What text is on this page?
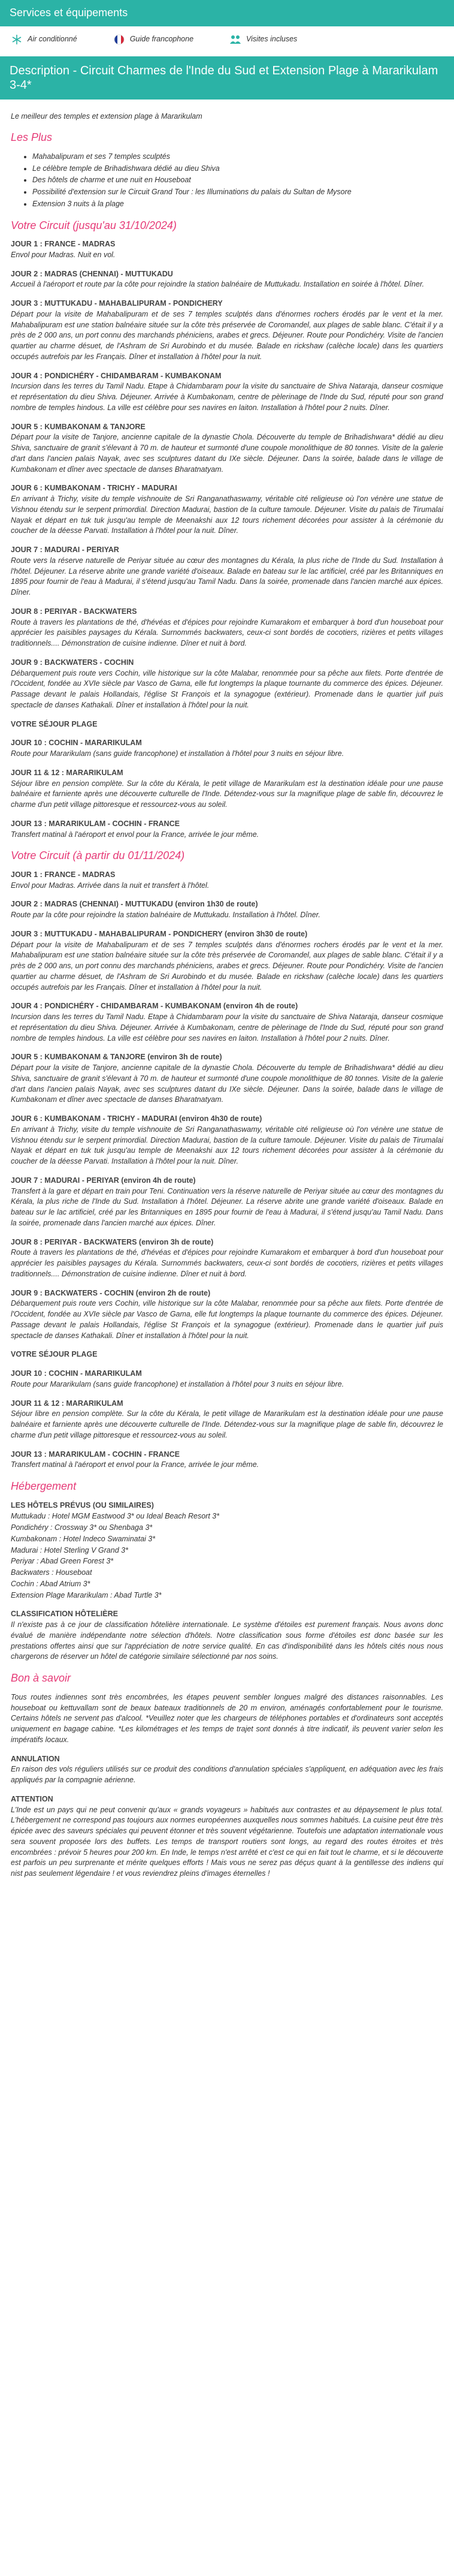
Services et équipements
Air conditionné	Guide francophone	Visites incluses
Description - Circuit Charmes de l'Inde du Sud et Extension Plage à Mararikulam 3-4*

Le meilleur des temples et extension plage à Mararikulam

Les Plus
• Mahabalipuram et ses 7 temples sculptés
• Le célèbre temple de Brihadishwara dédié au dieu Shiva
• Des hôtels de charme et une nuit en Houseboat
• Possibilité d'extension sur le Circuit Grand Tour : les Illuminations du palais du Sultan de Mysore
• Extension 3 nuits à la plage
Votre Circuit (jusqu'au 31/10/2024)
JOUR 1 : FRANCE - MADRAS
Envol pour Madras. Nuit en vol.
JOUR 2 : MADRAS (CHENNAI) - MUTTUKADU
Accueil à l'aéroport et route par la côte pour rejoindre la station balnéaire de Muttukadu. Installation en soirée à l'hôtel. Dîner.
JOUR 3 : MUTTUKADU - MAHABALIPURAM - PONDICHERY
Départ pour la visite de Mahabalipuram et de ses 7 temples sculptés dans d'énormes rochers érodés par le vent et la mer. Mahabalipuram est une station balnéaire située sur la côte très préservée de Coromandel, aux plages de sable blanc. C'était il y a près de 2 000 ans, un port connu des marchands phéniciens, arabes et grecs. Déjeuner. Route pour Pondichéry. Visite de l'ancien quartier au charme désuet, de l'Ashram de Sri Aurobindo et du musée. Balade en rickshaw (calèche locale) dans les quartiers occupés autrefois par les Français. Dîner et installation à l'hôtel pour la nuit.
JOUR 4 : PONDICHÉRY - CHIDAMBARAM - KUMBAKONAM
Incursion dans les terres du Tamil Nadu. Etape à Chidambaram pour la visite du sanctuaire de Shiva Nataraja, danseur cosmique et représentation du dieu Shiva. Déjeuner. Arrivée à Kumbakonam, centre de pèlerinage de l'Inde du Sud, réputé pour son grand nombre de temples hindous. La ville est célèbre pour ses navires en laiton. Installation à l'hôtel pour 2 nuits. Dîner.
JOUR 5 : KUMBAKONAM & TANJORE
Départ pour la visite de Tanjore, ancienne capitale de la dynastie Chola. Découverte du temple de Brihadishwara* dédié au dieu Shiva, sanctuaire de granit s'élevant à 70 m. de hauteur et surmonté d'une coupole monolithique de 80 tonnes. Visite de la galerie d'art dans l'ancien palais Nayak, avec ses sculptures datant du IXe siècle. Déjeuner. Dans la soirée, balade dans le village de Kumbakonam et dîner avec spectacle de danses Bharatnatyam.
JOUR 6 : KUMBAKONAM - TRICHY - MADURAI
En arrivant à Trichy, visite du temple vishnouite de Sri Ranganathaswamy, véritable cité religieuse où l'on vénère une statue de Vishnou étendu sur le serpent primordial. Direction Madurai, bastion de la culture tamoule. Déjeuner. Visite du palais de Tirumalai Nayak et départ en tuk tuk jusqu'au temple de Meenakshi aux 12 tours richement décorées pour assister à la cérémonie du coucher de la déesse Parvati. Installation à l'hôtel pour la nuit. Dîner.
JOUR 7 : MADURAI - PERIYAR
Route vers la réserve naturelle de Periyar située au cœur des montagnes du Kérala, la plus riche de l'Inde du Sud. Installation à l'hôtel. Déjeuner. La réserve abrite une grande variété d'oiseaux. Balade en bateau sur le lac artificiel, créé par les Britanniques en 1895 pour fournir de l'eau à Madurai, il s'étend jusqu'au Tamil Nadu. Dans la soirée, promenade dans l'ancien marché aux épices. Dîner.
JOUR 8 : PERIYAR - BACKWATERS
Route à travers les plantations de thé, d'hévéas et d'épices pour rejoindre Kumarakom et embarquer à bord d'un houseboat pour apprécier les paisibles paysages du Kérala. Surnommés backwaters, ceux-ci sont bordés de cocotiers, rizières et petits villages traditionnels.... Démonstration de cuisine indienne. Dîner et nuit à bord.
JOUR 9 : BACKWATERS - COCHIN
Débarquement puis route vers Cochin, ville historique sur la côte Malabar, renommée pour sa pêche aux filets. Porte d'entrée de l'Occident, fondée au XVIe siècle par Vasco de Gama, elle fut longtemps la plaque tournante du commerce des épices. Déjeuner. Passage devant le palais Hollandais, l'église St François et la synagogue (extérieur). Promenade dans le quartier juif puis spectacle de danses Kathakali. Dîner et installation à l'hôtel pour la nuit.
VOTRE SÉJOUR PLAGE
JOUR 10 : COCHIN - MARARIKULAM
Route pour Mararikulam (sans guide francophone) et installation à l'hôtel pour 3 nuits en séjour libre.
JOUR 11 & 12 : MARARIKULAM
Séjour libre en pension complète. Sur la côte du Kérala, le petit village de Mararikulam est la destination idéale pour une pause balnéaire et farniente après une découverte culturelle de l'Inde. Détendez-vous sur la magnifique plage de sable fin, découvrez le charme d'un petit village pittoresque et ressourcez-vous au soleil.
JOUR 13 : MARARIKULAM - COCHIN - FRANCE
Transfert matinal à l'aéroport et envol pour la France, arrivée le jour même.
Votre Circuit (à partir du 01/11/2024)
JOUR 1 : FRANCE - MADRAS
Envol pour Madras. Arrivée dans la nuit et transfert à l'hôtel.
JOUR 2 : MADRAS (CHENNAI) - MUTTUKADU (environ 1h30 de route)
Route par la côte pour rejoindre la station balnéaire de Muttukadu. Installation à l'hôtel. Dîner.
JOUR 3 : MUTTUKADU - MAHABALIPURAM - PONDICHERY (environ 3h30 de route)
Départ pour la visite de Mahabalipuram et de ses 7 temples sculptés dans d'énormes rochers érodés par le vent et la mer. Mahabalipuram est une station balnéaire située sur la côte très préservée de Coromandel, aux plages de sable blanc. C'était il y a près de 2 000 ans, un port connu des marchands phéniciens, arabes et grecs. Déjeuner. Route pour Pondichéry. Visite de l'ancien quartier au charme désuet, de l'Ashram de Sri Aurobindo et du musée. Balade en rickshaw (calèche locale) dans les quartiers occupés autrefois par les Français. Dîner et installation à l'hôtel pour la nuit.
JOUR 4 : PONDICHÉRY - CHIDAMBARAM - KUMBAKONAM (environ 4h de route)
Incursion dans les terres du Tamil Nadu. Etape à Chidambaram pour la visite du sanctuaire de Shiva Nataraja, danseur cosmique et représentation du dieu Shiva. Déjeuner. Arrivée à Kumbakonam, centre de pèlerinage de l'Inde du Sud, réputé pour son grand nombre de temples hindous. La ville est célèbre pour ses navires en laiton. Installation à l'hôtel pour 2 nuits. Dîner.
JOUR 5 : KUMBAKONAM & TANJORE (environ 3h de route)
Départ pour la visite de Tanjore, ancienne capitale de la dynastie Chola. Découverte du temple de Brihadishwara* dédié au dieu Shiva, sanctuaire de granit s'élevant à 70 m. de hauteur et surmonté d'une coupole monolithique de 80 tonnes. Visite de la galerie d'art dans l'ancien palais Nayak, avec ses sculptures datant du IXe siècle. Déjeuner. Dans la soirée, balade dans le village de Kumbakonam et dîner avec spectacle de danses Bharatnatyam.
JOUR 6 : KUMBAKONAM - TRICHY - MADURAI (environ 4h30 de route)
En arrivant à Trichy, visite du temple vishnouite de Sri Ranganathaswamy, véritable cité religieuse où l'on vénère une statue de Vishnou étendu sur le serpent primordial. Direction Madurai, bastion de la culture tamoule. Déjeuner. Visite du palais de Tirumalai Nayak et départ en tuk tuk jusqu'au temple de Meenakshi aux 12 tours richement décorées pour assister à la cérémonie du coucher de la déesse Parvati. Installation à l'hôtel pour la nuit. Dîner.
JOUR 7 : MADURAI - PERIYAR (environ 4h de route)
Transfert à la gare et départ en train pour Teni. Continuation vers la réserve naturelle de Periyar située au cœur des montagnes du Kérala, la plus riche de l'Inde du Sud. Installation à l'hôtel. Déjeuner. La réserve abrite une grande variété d'oiseaux. Balade en bateau sur le lac artificiel, créé par les Britanniques en 1895 pour fournir de l'eau à Madurai, il s'étend jusqu'au Tamil Nadu. Dans la soirée, promenade dans l'ancien marché aux épices. Dîner.
JOUR 8 : PERIYAR - BACKWATERS (environ 3h de route)
Route à travers les plantations de thé, d'hévéas et d'épices pour rejoindre Kumarakom et embarquer à bord d'un houseboat pour apprécier les paisibles paysages du Kérala. Surnommés backwaters, ceux-ci sont bordés de cocotiers, rizières et petits villages traditionnels.... Démonstration de cuisine indienne. Dîner et nuit à bord.
JOUR 9 : BACKWATERS - COCHIN (environ 2h de route)
Débarquement puis route vers Cochin, ville historique sur la côte Malabar, renommée pour sa pêche aux filets. Porte d'entrée de l'Occident, fondée au XVIe siècle par Vasco de Gama, elle fut longtemps la plaque tournante du commerce des épices. Déjeuner. Passage devant le palais Hollandais, l'église St François et la synagogue (extérieur). Promenade dans le quartier juif puis spectacle de danses Kathakali. Dîner et installation à l'hôtel pour la nuit.
VOTRE SÉJOUR PLAGE
JOUR 10 : COCHIN - MARARIKULAM
Route pour Mararikulam (sans guide francophone) et installation à l'hôtel pour 3 nuits en séjour libre.
JOUR 11 & 12 : MARARIKULAM
Séjour libre en pension complète. Sur la côte du Kérala, le petit village de Mararikulam est la destination idéale pour une pause balnéaire et farniente après une découverte culturelle de l'Inde. Détendez-vous sur la magnifique plage de sable fin, découvrez le charme d'un petit village pittoresque et ressourcez-vous au soleil.
JOUR 13 : MARARIKULAM - COCHIN - FRANCE
Transfert matinal à l'aéroport et envol pour la France, arrivée le jour même.
Hébergement
LES HÔTELS PRÉVUS (OU SIMILAIRES)
Muttukadu : Hotel MGM Eastwood 3* ou Ideal Beach Resort 3*
Pondichéry : Crossway 3* ou Shenbaga 3*
Kumbakonam : Hotel Indeco Swaminatai 3*
Madurai : Hotel Sterling V Grand 3*
Periyar : Abad Green Forest 3*
Backwaters : Houseboat
Cochin : Abad Atrium 3*
Extension Plage Mararikulam : Abad Turtle 3*
CLASSIFICATION HÔTELIÈRE
Il n'existe pas à ce jour de classification hôtelière internationale. Le système d'étoiles est purement français. Nous avons donc évalué de manière indépendante notre sélection d'hôtels. Notre classification sous forme d'étoiles est donc basée sur les prestations offertes ainsi que sur l'appréciation de notre service qualité. En cas d'indisponibilité dans les hôtels cités nous nous chargerons de réserver un hôtel de catégorie similaire sélectionné par nos soins.
Bon à savoir

Tous routes indiennes sont très encombrées, les étapes peuvent sembler longues malgré des distances raisonnables. Les houseboat ou kettuvallam sont de beaux bateaux traditionnels de 20 m environ, aménagés confortablement pour le tourisme. Certains hôtels ne servent pas d'alcool. *Veuillez noter que les chargeurs de téléphones portables et d'ordinateurs sont acceptés uniquement en bagage cabine. *Les kilométrages et les temps de trajet sont donnés à titre indicatif, ils peuvent varier selon les impératifs locaux.

ANNULATION
En raison des vols réguliers utilisés sur ce produit des conditions d'annulation spéciales s'appliquent, en adéquation avec les frais appliqués par la compagnie aérienne.
ATTENTION
L'Inde est un pays qui ne peut convenir qu'aux « grands voyageurs » habitués aux contrastes et au dépaysement le plus total. L'hébergement ne correspond pas toujours aux normes européennes auxquelles nous sommes habitués. La cuisine peut être très épicée avec des saveurs spéciales qui peuvent étonner et très souvent végétarienne. Toutefois une adaptation internationale vous sera souvent proposée lors des buffets. Les temps de transport routiers sont longs, au regard des routes étroites et très encombrées : prévoir 5 heures pour 200 km. En Inde, le temps n'est arrêté et c'est ce qui en fait tout le charme, et si le découverte est parfois un peu surprenante et mérite quelques efforts ! Mais vous ne serez pas déçus quant à la gentillesse des indiens qui nist pas seulement légendaire ! et vous reviendrez pleins d'images éternelles !
